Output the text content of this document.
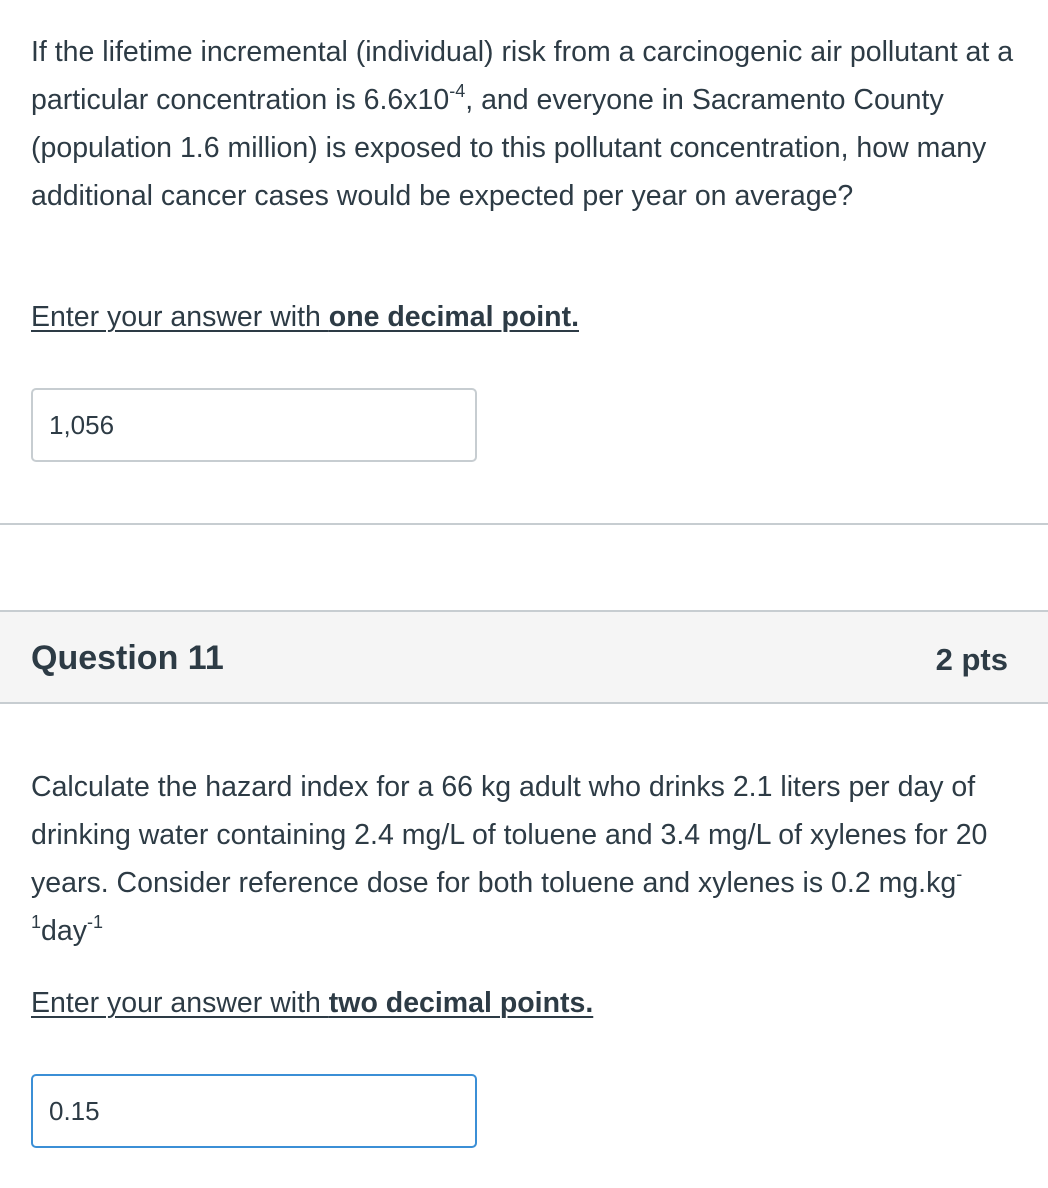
If the lifetime incremental (individual) risk from a carcinogenic air pollutant at a particular concentration is $6.6x10^{-4}$, and everyone in Sacramento County (population 1.6 million) is exposed to this pollutant concentration, how many additional cancer cases would be expected per year on average?

Enter your answer with one decimal point.
1,056
Question 11	2 pts

Calculate the hazard index for a 66 kg adult who drinks 2.1 liters per day of drinking water containing 2.4 mg/L of toluene and 3.4 mg/L of xylenes for 20 years. Consider reference dose for both toluene and xylenes is 0.2 $mg.kg^{-1}day^{-1}$

Enter your answer with two decimal points.
0.15
